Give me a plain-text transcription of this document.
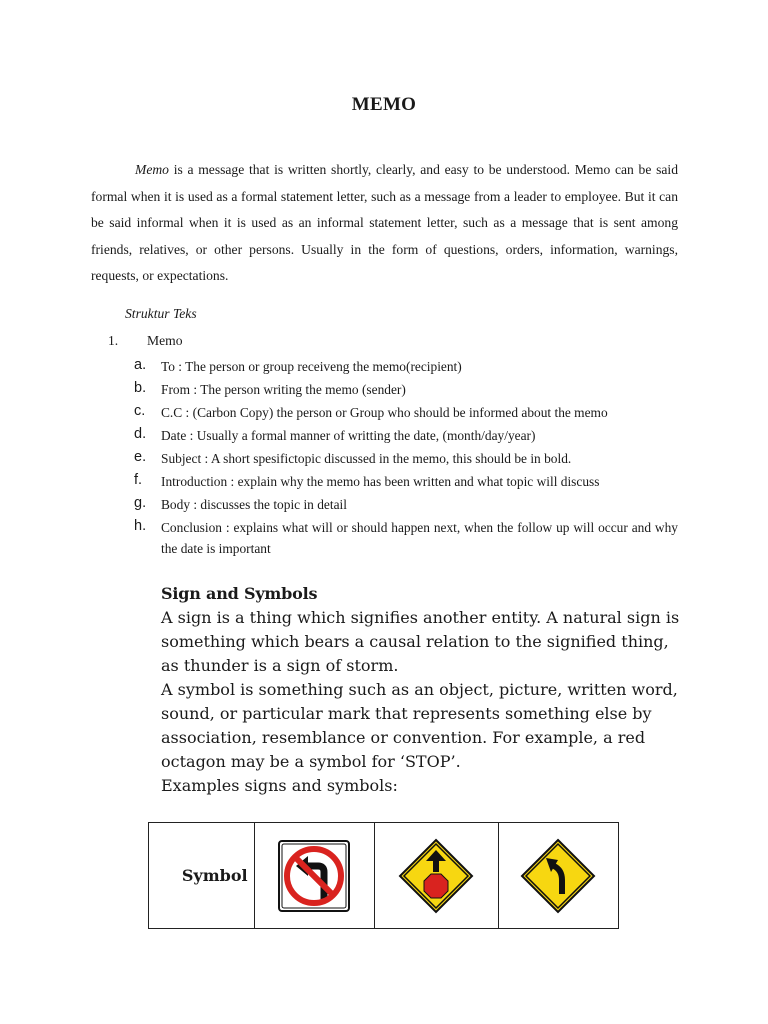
MEMO
Memo is a message that is written shortly, clearly, and easy to be understood. Memo can be said formal when it is used as a formal statement letter, such as a message from a leader to employee. But it can be said informal when it is used as an informal statement letter, such as a message that is sent among friends, relatives, or other persons. Usually in the form of questions, orders, information, warnings, requests, or expectations.
Struktur Teks
1. Memo
a. To : The person or group receiveng the memo(recipient)
b. From : The person writing the memo (sender)
c. C.C : (Carbon Copy) the person or Group who should be informed about the memo
d. Date : Usually a formal manner of writting the date, (month/day/year)
e. Subject : A short spesifictopic discussed in the memo, this should be in bold.
f. Introduction : explain why the memo has been written and what topic will discuss
g. Body : discusses the topic in detail
h. Conclusion : explains what will or should happen next, when the follow up will occur and why the date is important
Sign and Symbols

A sign is a thing which signifies another entity. A natural sign is something which bears a causal relation to the signified thing, as thunder is a sign of storm.

A symbol is something such as an object, picture, written word, sound, or particular mark that represents something else by association, resemblance or convention. For example, a red octagon may be a symbol for ‘STOP’.

Examples signs and symbols:

Symbol
